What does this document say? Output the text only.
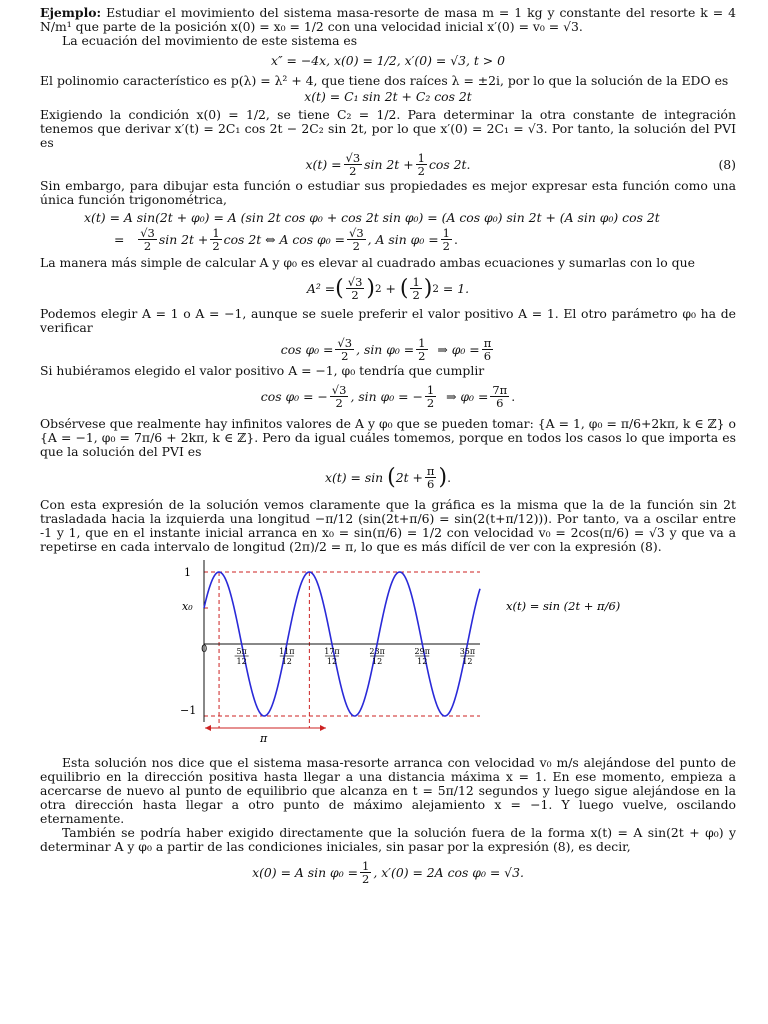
Ejemplo: Estudiar el movimiento del sistema masa-resorte de masa m = 1 kg y constante del resorte k = 4 N/m¹ que parte de la posición x(0) = x₀ = 1/2 con una velocidad inicial x′(0) = v₀ = √3.

La ecuación del movimiento de este sistema es

x″ = −4x, x(0) = 1/2, x′(0) = √3, t > 0

El polinomio característico es p(λ) = λ² + 4, que tiene dos raíces λ = ±2i, por lo que la solución de la EDO es

x(t) = C₁ sin 2t + C₂ cos 2t

Exigiendo la condición x(0) = 1/2, se tiene C₂ = 1/2. Para determinar la otra constante de integración tenemos que derivar x′(t) = 2C₁ cos 2t − 2C₂ sin 2t, por lo que x′(0) = 2C₁ = √3. Por tanto, la solución del PVI es

$x(t) = \frac{√3}{2}$ $\sin 2t + \frac{1}{2}$ cos 2t.	(8)

Sin embargo, para dibujar esta función o estudiar sus propiedades es mejor expresar esta función como una única función trigonométrica,

x(t) = A sin(2t + φ₀) = A (sin 2t cos φ₀ + cos 2t sin φ₀) = (A cos φ₀) sin 2t + (A sin φ₀) cos 2t
=
$\frac{√3}{2}$ $\sin 2t + \frac{1}{2}$ cos 2t ⇔ A $\cos \varphi_0 = \frac{√3}{2}$ , A $\sin \varphi_0 = \frac{1}{2}$ .

La manera más simple de calcular A y φ₀ es elevar al cuadrado ambas ecuaciones y sumarlas con lo que

A² = ( $\frac{√3}{2}$ ) 2
+
( $\frac{1}{2}$ ) 2
= 1.

Podemos elegir A = 1 o A = −1, aunque se suele preferir el valor positivo A = 1. El otro parámetro φ₀ ha de verificar

$\cos \varphi_0 = \frac{√3}{2}$ , $\sin \varphi_0 = \frac{1}{2}$
⇒ $\varphi_0 = \frac{\pi}{6}$

Si hubiéramos elegido el valor positivo A = −1, φ₀ tendría que cumplir

cos φ₀ = − $\frac{√3}{2}$ , sin φ₀ = − $\frac{1}{2}$
⇒ $\varphi_0 = \frac{7\pi}{6}$ .

Obsérvese que realmente hay infinitos valores de A y φ₀ que se pueden tomar: {A = 1, φ₀ = π/6+2kπ, k ∈ ℤ} o {A = −1, φ₀ = 7π/6 + 2kπ, k ∈ ℤ}. Pero da igual cuáles tomemos, porque en todos los casos lo que importa es que la solución del PVI es

x(t) = sin
( $2t + \frac{\pi}{6}$ ) .

Con esta expresión de la solución vemos claramente que la gráfica es la misma que la de la función sin 2t trasladada hacia la izquierda una longitud −π/12 (sin(2t+π/6) = sin(2(t+π/12))). Por tanto, va a oscilar entre -1 y 1, que en el instante inicial arranca en x₀ = sin(π/6) = 1/2 con velocidad v₀ = 2cos(π/6) = √3 y que va a repetirse en cada intervalo de longitud (2π)/2 = π, lo que es más difícil de ver con la expresión (8).

1
x₀
−1
0	5π
12
11π
12
17π
12
23π
12
29π
12
35π
12
π
x(t) = sin (2t + π/6)

Esta solución nos dice que el sistema masa-resorte arranca con velocidad v₀ m/s alejándose del punto de equilibrio en la dirección positiva hasta llegar a una distancia máxima x = 1. En ese momento, empieza a acercarse de nuevo al punto de equilibrio que alcanza en t = 5π/12 segundos y luego sigue alejándose en la otra dirección hasta llegar a otro punto de máximo alejamiento x = −1. Y luego vuelve, oscilando eternamente.

También se podría haber exigido directamente que la solución fuera de la forma x(t) = A sin(2t + φ₀) y determinar A y φ₀ a partir de las condiciones iniciales, sin pasar por la expresión (8), es decir,

x(0) = A $\sin \varphi_0 = \frac{1}{2}$ , x′(0) = 2A cos φ₀ = √3.
